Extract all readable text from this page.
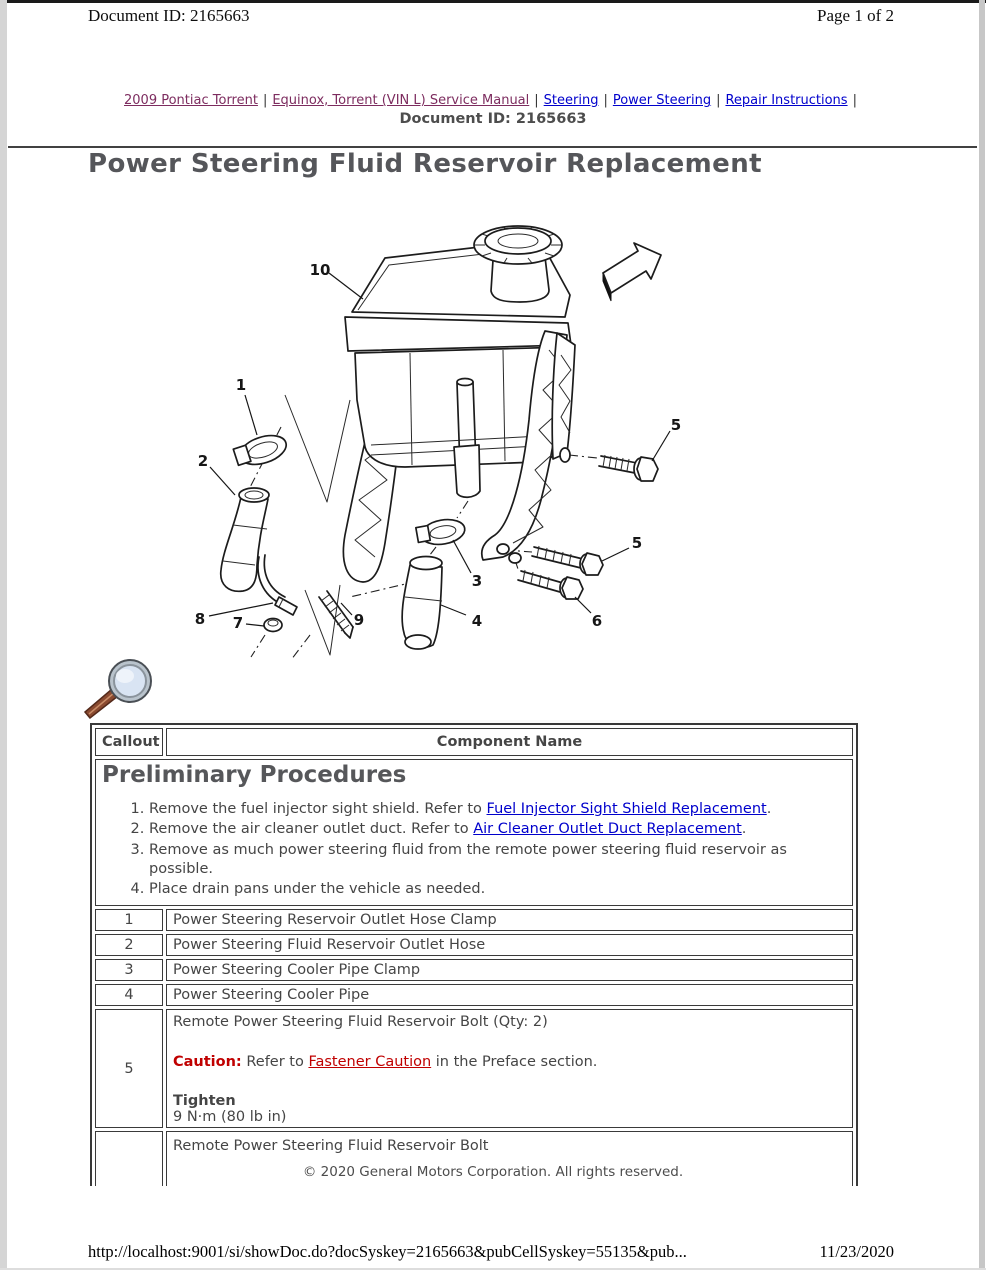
Document ID: 2165663	Page 1 of 2
2009 Pontiac Torrent | Equinox, Torrent (VIN L) Service Manual | Steering | Power Steering | Repair Instructions |
Document ID: 2165663
Power Steering Fluid Reservoir Replacement
10
1
2
8 7	9
3
4
5
5
6
Callout	Component Name

Preliminary Procedures
1. Remove the fuel injector sight shield. Refer to Fuel Injector Sight Shield Replacement.
2. Remove the air cleaner outlet duct. Refer to Air Cleaner Outlet Duct Replacement.
3. Remove as much power steering fluid from the remote power steering fluid reservoir as possible.
4. Place drain pans under the vehicle as needed.

1	Power Steering Reservoir Outlet Hose Clamp
2	Power Steering Fluid Reservoir Outlet Hose
3	Power Steering Cooler Pipe Clamp
4	Power Steering Cooler Pipe
5	Remote Power Steering Fluid Reservoir Bolt (Qty: 2)
Caution: Refer to Fastener Caution in the Preface section.
Tighten
9 N·m (80 lb in)

	Remote Power Steering Fluid Reservoir Bolt
© 2020 General Motors Corporation. All rights reserved.
http://localhost:9001/si/showDoc.do?docSyskey=2165663&pubCellSyskey=55135&pub...	11/23/2020
